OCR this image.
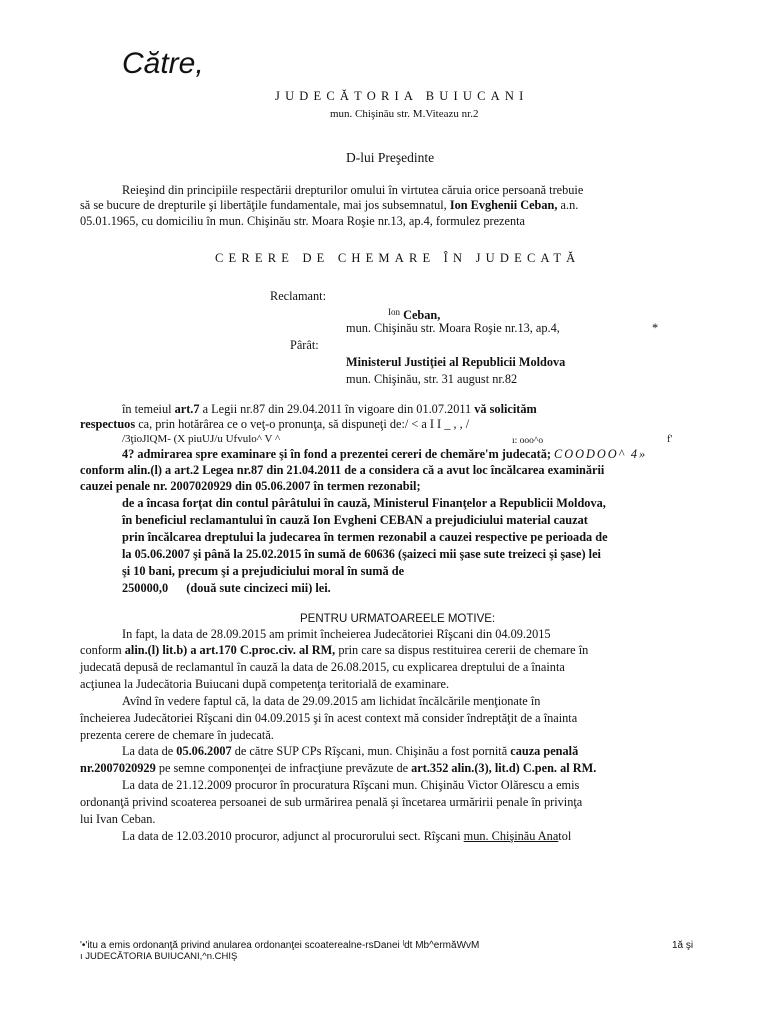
Către,
JUDECĂTORIA BUIUCANI
mun. Chişinău str. M.Viteazu nr.2
D-lui Preşedinte
Reieşind din principiile respectării drepturilor omului în virtutea căruia orice persoană trebuie
să se bucure de drepturile şi libertăţile fundamentale, mai jos subsemnatul, Ion Evghenii Ceban, a.n.
05.01.1965, cu domiciliu în mun. Chişinău str. Moara Roşie nr.13, ap.4, formulez prezenta
CERERE DE CHEMARE ÎN JUDECATĂ
Reclamant:
$^{Ion}$ Ceban,
mun. Chişinău str. Moara Roşie nr.13, ap.4,	*
Pârât:
Ministerul Justiţiei al Republicii Moldova
mun. Chişinău, str. 31 august nr.82
în temeiul art.7 a Legii nr.87 din 29.04.2011 în vigoare din 01.07.2011 vă solicităm
respectuos ca, prin hotărârea ce o veţ-o pronunţa, să dispuneţi de:/ < a I I _ , , /
/3ţioJlQM- (X piuUJ/u Ufvulo^ V ^	ı: ooo^o	f'
4? admirarea spre examinare şi în fond a prezentei cereri de chemăre'm judecată; COODOO^ 4»
conform alin.(l) a art.2 Legea nr.87 din 21.04.2011 de a considera că a avut loc încălcarea examinării
cauzei penale nr. 2007020929 din 05.06.2007 în termen rezonabil;
de a încasa forţat din contul pârâtului în cauză, Ministerul Finanţelor a Republicii Moldova,
în beneficiul reclamantului în cauză Ion Evgheni CEBAN a prejudiciului material cauzat
prin încălcarea dreptului la judecarea în termen rezonabil a cauzei respective pe perioada de
la 05.06.2007 şi până la 25.02.2015 în sumă de 60636 (şaizeci mii şase sute treizeci şi şase) lei
şi 10 bani, precum şi a prejudiciului moral în sumă de
250000,0 (două sute cincizeci mii) lei.
PENTRU URMATOAREELE MOTIVE:
In fapt, la data de 28.09.2015 am primit încheierea Judecătoriei Rîşcani din 04.09.2015
conform alin.(l) lit.b) a art.170 C.proc.civ. al RM, prin care sa dispus restituirea cererii de chemare în
judecată depusă de reclamantul în cauză la data de 26.08.2015, cu explicarea dreptului de a înainta
acţiunea la Judecătoria Buiucani după competenţa teritorială de examinare.
Avînd în vedere faptul că, la data de 29.09.2015 am lichidat încălcările menţionate în
încheierea Judecătoriei Rîşcani din 04.09.2015 şi în acest context mă consider îndreptăţit de a înainta
prezenta cerere de chemare în judecată.
La data de 05.06.2007 de către SUP CPs Rîşcani, mun. Chişinău a fost pornită cauza penală
nr.2007020929 pe semne componenţei de infracţiune prevăzute de art.352 alin.(3), lit.d) C.pen. al RM.
La data de 21.12.2009 procuror în procuratura Rîşcani mun. Chişinău Victor Olărescu a emis
ordonanţă privind scoaterea persoanei de sub urmărirea penală şi încetarea urmăririi penale în privinţa
lui Ivan Ceban.
La data de 12.03.2010 procuror, adjunct al procurorului sect. Rîşcani mun. Chişinău Anatol
'•'itu a emis ordonanţă privind anularea ordonanţei scoaterealne-rsDanei ˡdt Mb^ermăWvM
ı JUDECĂTORIA BUIUCANI,^n.CHIŞ
1ă şi
